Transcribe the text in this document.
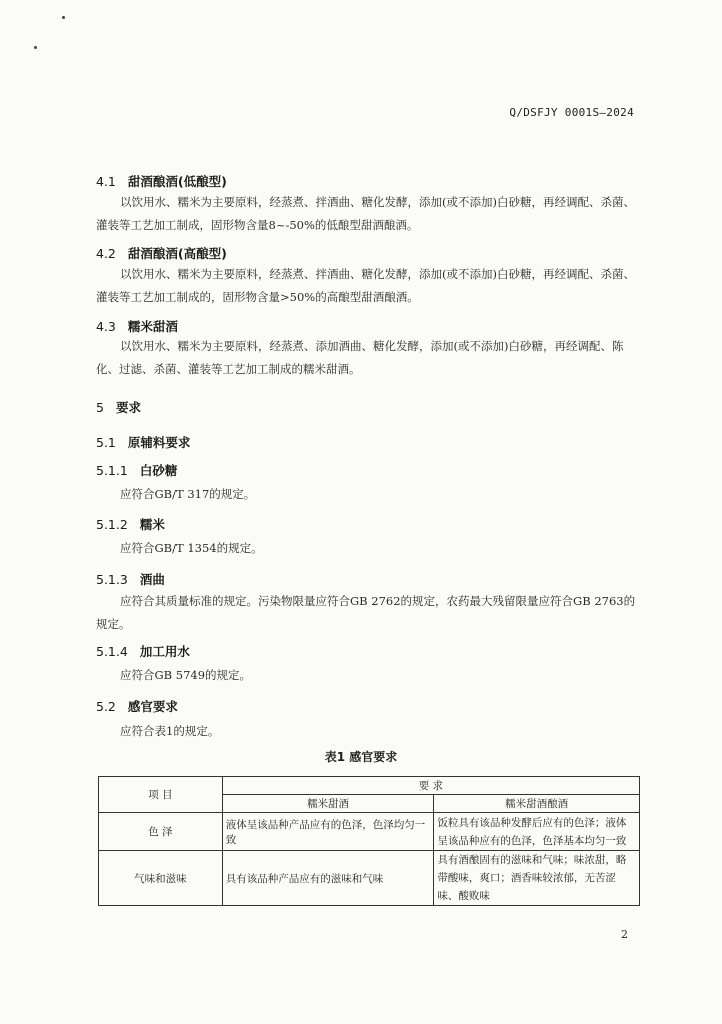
Q/DSFJY 0001S—2024
4.1 甜酒酿酒(低酿型)
以饮用水、糯米为主要原料，经蒸煮、拌酒曲、糖化发酵，添加(或不添加)白砂糖，再经调配、杀菌、灌装等工艺加工制成，固形物含量8~-50%的低酿型甜酒酿酒。
4.2 甜酒酿酒(高酿型)
以饮用水、糯米为主要原料，经蒸煮、拌酒曲、糖化发酵，添加(或不添加)白砂糖，再经调配、杀菌、灌装等工艺加工制成的，固形物含量>50%的高酿型甜酒酿酒。
4.3 糯米甜酒
以饮用水、糯米为主要原料，经蒸煮、添加酒曲、糖化发酵，添加(或不添加)白砂糖，再经调配、陈化、过滤、杀菌、灌装等工艺加工制成的糯米甜酒。
5 要求
5.1 原辅料要求
5.1.1 白砂糖
应符合GB/T 317的规定。
5.1.2 糯米
应符合GB/T 1354的规定。
5.1.3 酒曲
应符合其质量标准的规定。污染物限量应符合GB 2762的规定，农药最大残留限量应符合GB 2763的规定。
5.1.4 加工用水
应符合GB 5749的规定。
5.2 感官要求
应符合表1的规定。
表1 感官要求
项 目	要 求	
	糯米甜酒	糯米甜酒酿酒
色 泽	液体呈该品种产品应有的色泽，色泽均匀一致	饭粒具有该品种发酵后应有的色泽；液体呈该品种应有的色泽，色泽基本均匀一致
气味和滋味	具有该品种产品应有的滋味和气味	具有酒酿固有的滋味和气味；味浓甜，略带酸味，爽口；酒香味较浓郁，无苦涩味、酸败味
2
